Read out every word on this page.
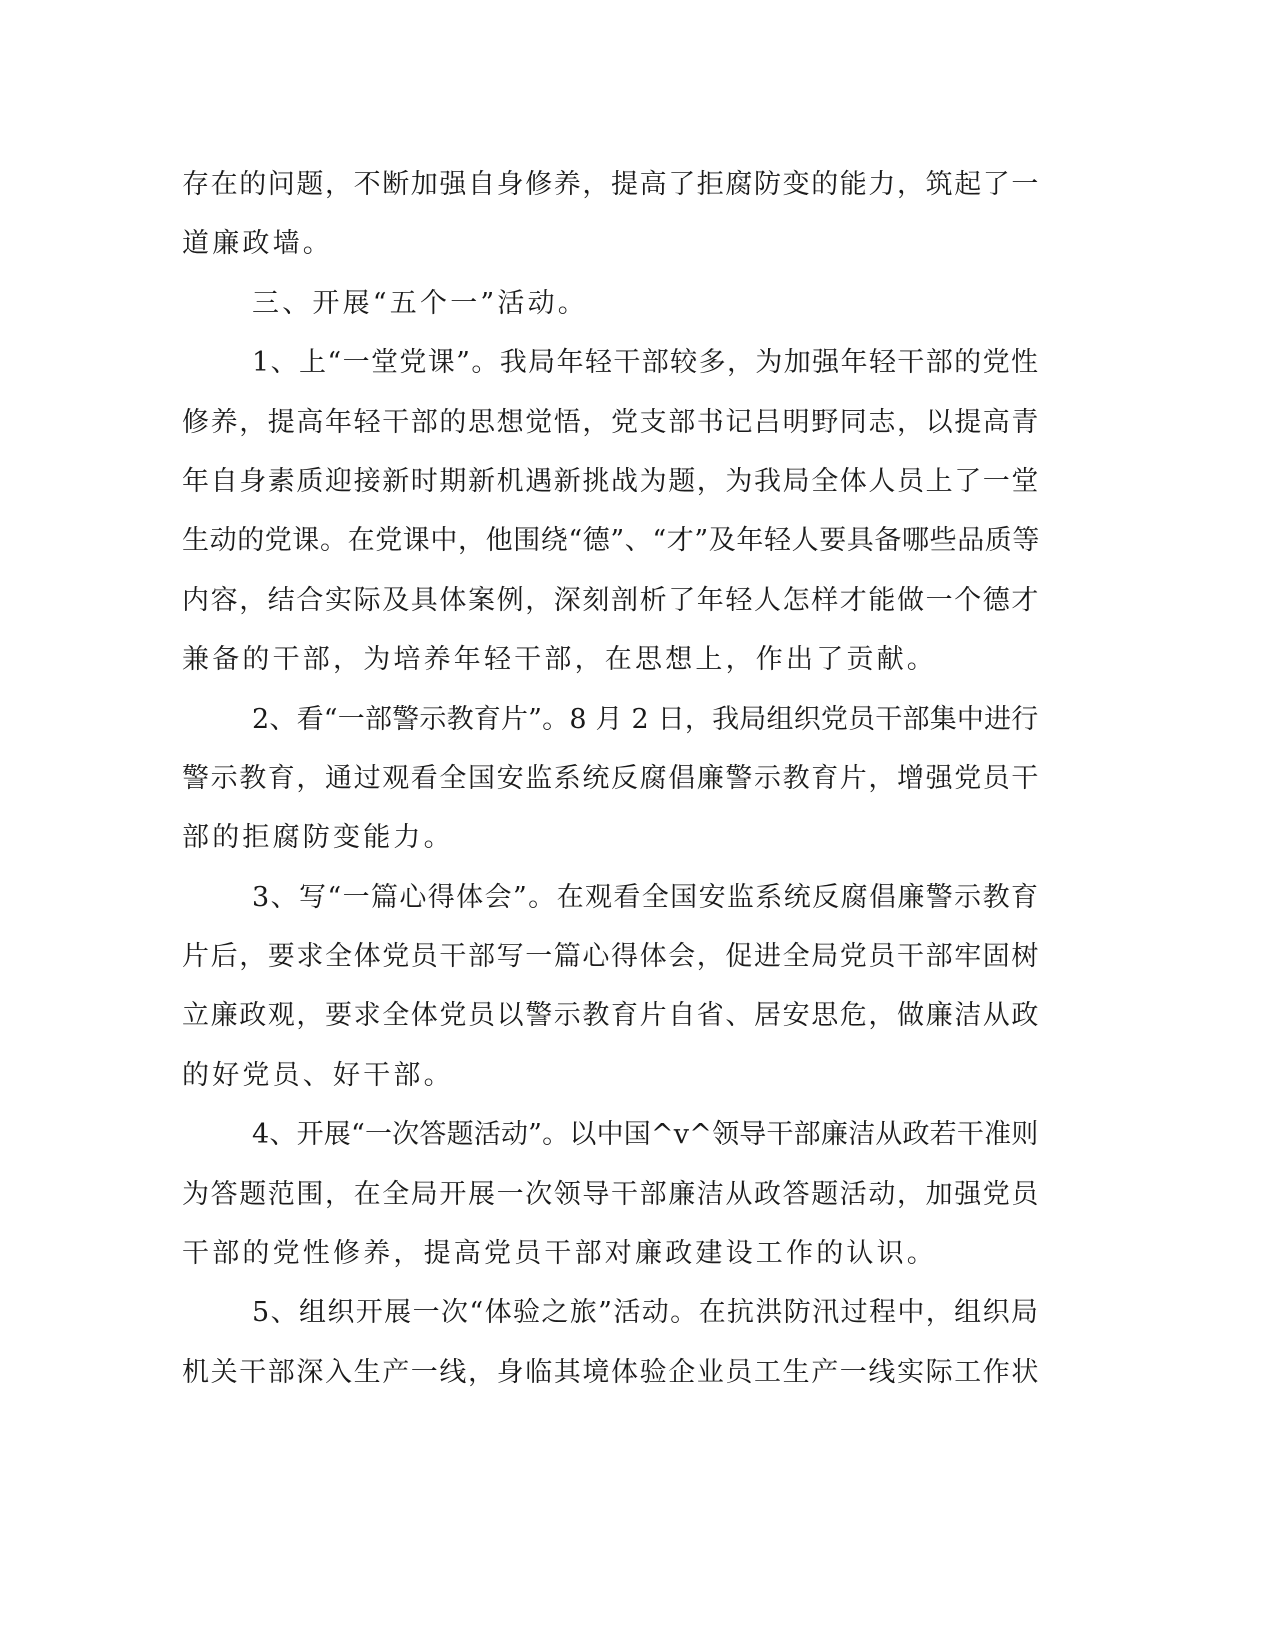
存在的问题，不断加强自身修养，提高了拒腐防变的能力，筑起了一
道廉政墙。
三、开展“五个一”活动。
1、上“一堂党课”。我局年轻干部较多，为加强年轻干部的党性
修养，提高年轻干部的思想觉悟，党支部书记吕明野同志，以提高青
年自身素质迎接新时期新机遇新挑战为题，为我局全体人员上了一堂
生动的党课。在党课中，他围绕“德”、“才”及年轻人要具备哪些品质等
内容，结合实际及具体案例，深刻剖析了年轻人怎样才能做一个德才
兼备的干部，为培养年轻干部，在思想上，作出了贡献。
2、看“一部警示教育片”。8 月 2 日，我局组织党员干部集中进行
警示教育，通过观看全国安监系统反腐倡廉警示教育片，增强党员干
部的拒腐防变能力。
3、写“一篇心得体会”。在观看全国安监系统反腐倡廉警示教育
片后，要求全体党员干部写一篇心得体会，促进全局党员干部牢固树
立廉政观，要求全体党员以警示教育片自省、居安思危，做廉洁从政
的好党员、好干部。
4、开展“一次答题活动”。以中国^v^领导干部廉洁从政若干准则
为答题范围，在全局开展一次领导干部廉洁从政答题活动，加强党员
干部的党性修养，提高党员干部对廉政建设工作的认识。
5、组织开展一次“体验之旅”活动。在抗洪防汛过程中，组织局
机关干部深入生产一线，身临其境体验企业员工生产一线实际工作状
